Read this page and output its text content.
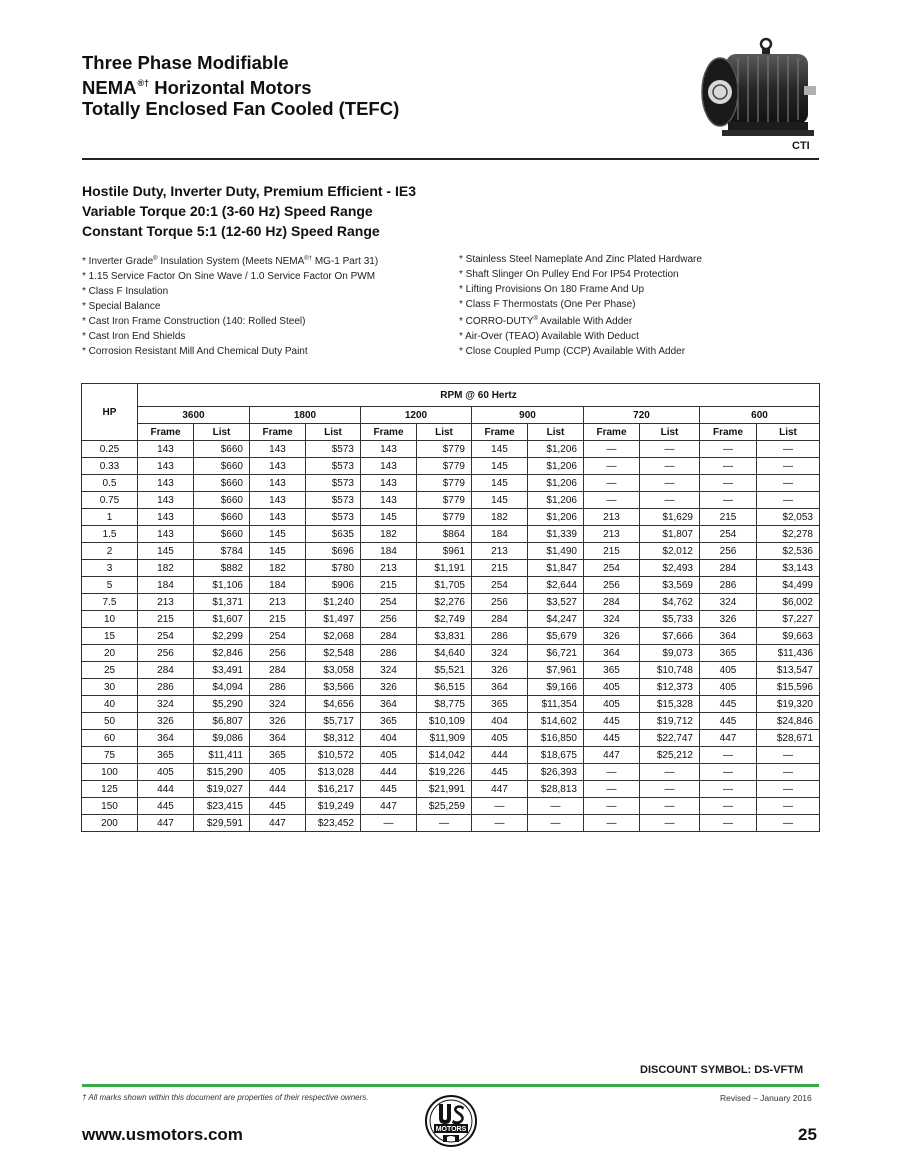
Three Phase Modifiable
NEMA®† Horizontal Motors
Totally Enclosed Fan Cooled (TEFC)
CTI
Hostile Duty, Inverter Duty, Premium Efficient - IE3
Variable Torque 20:1 (3-60 Hz) Speed Range
Constant Torque 5:1 (12-60 Hz) Speed Range
* Inverter Grade® Insulation System (Meets NEMA®† MG-1 Part 31)
* 1.15 Service Factor On Sine Wave / 1.0 Service Factor On PWM
* Class F Insulation
* Special Balance
* Cast Iron Frame Construction (140: Rolled Steel)
* Cast Iron End Shields
* Corrosion Resistant Mill And Chemical Duty Paint
* Stainless Steel Nameplate And Zinc Plated Hardware
* Shaft Slinger On Pulley End For IP54 Protection
* Lifting Provisions On 180 Frame And Up
* Class F Thermostats (One Per Phase)
* CORRO-DUTY® Available With Adder
* Air-Over (TEAO) Available With Deduct
* Close Coupled Pump (CCP) Available With Adder
HP	RPM @ 60 Hertz											
	3600		1800		1200		900		720		600	
	Frame	List	Frame	List	Frame	List	Frame	List	Frame	List	Frame	List
0.25	143	$660	143	$573	143	$779	145	$1,206	—	—	—	—
0.33	143	$660	143	$573	143	$779	145	$1,206	—	—	—	—
0.5	143	$660	143	$573	143	$779	145	$1,206	—	—	—	—
0.75	143	$660	143	$573	143	$779	145	$1,206	—	—	—	—
1	143	$660	143	$573	145	$779	182	$1,206	213	$1,629	215	$2,053
1.5	143	$660	145	$635	182	$864	184	$1,339	213	$1,807	254	$2,278
2	145	$784	145	$696	184	$961	213	$1,490	215	$2,012	256	$2,536
3	182	$882	182	$780	213	$1,191	215	$1,847	254	$2,493	284	$3,143
5	184	$1,106	184	$906	215	$1,705	254	$2,644	256	$3,569	286	$4,499
7.5	213	$1,371	213	$1,240	254	$2,276	256	$3,527	284	$4,762	324	$6,002
10	215	$1,607	215	$1,497	256	$2,749	284	$4,247	324	$5,733	326	$7,227
15	254	$2,299	254	$2,068	284	$3,831	286	$5,679	326	$7,666	364	$9,663
20	256	$2,846	256	$2,548	286	$4,640	324	$6,721	364	$9,073	365	$11,436
25	284	$3,491	284	$3,058	324	$5,521	326	$7,961	365	$10,748	405	$13,547
30	286	$4,094	286	$3,566	326	$6,515	364	$9,166	405	$12,373	405	$15,596
40	324	$5,290	324	$4,656	364	$8,775	365	$11,354	405	$15,328	445	$19,320
50	326	$6,807	326	$5,717	365	$10,109	404	$14,602	445	$19,712	445	$24,846
60	364	$9,086	364	$8,312	404	$11,909	405	$16,850	445	$22,747	447	$28,671
75	365	$11,411	365	$10,572	405	$14,042	444	$18,675	447	$25,212	—	—
100	405	$15,290	405	$13,028	444	$19,226	445	$26,393	—	—	—	—
125	444	$19,027	444	$16,217	445	$21,991	447	$28,813	—	—	—	—
150	445	$23,415	445	$19,249	447	$25,259	—	—	—	—	—	—
200	447	$29,591	447	$23,452	—	—	—	—	—	—	—	—
DISCOUNT SYMBOL: DS-VFTM
† All marks shown within this document are properties of their respective owners.	Revised – January 2016
MOTORS
www.usmotors.com	25
